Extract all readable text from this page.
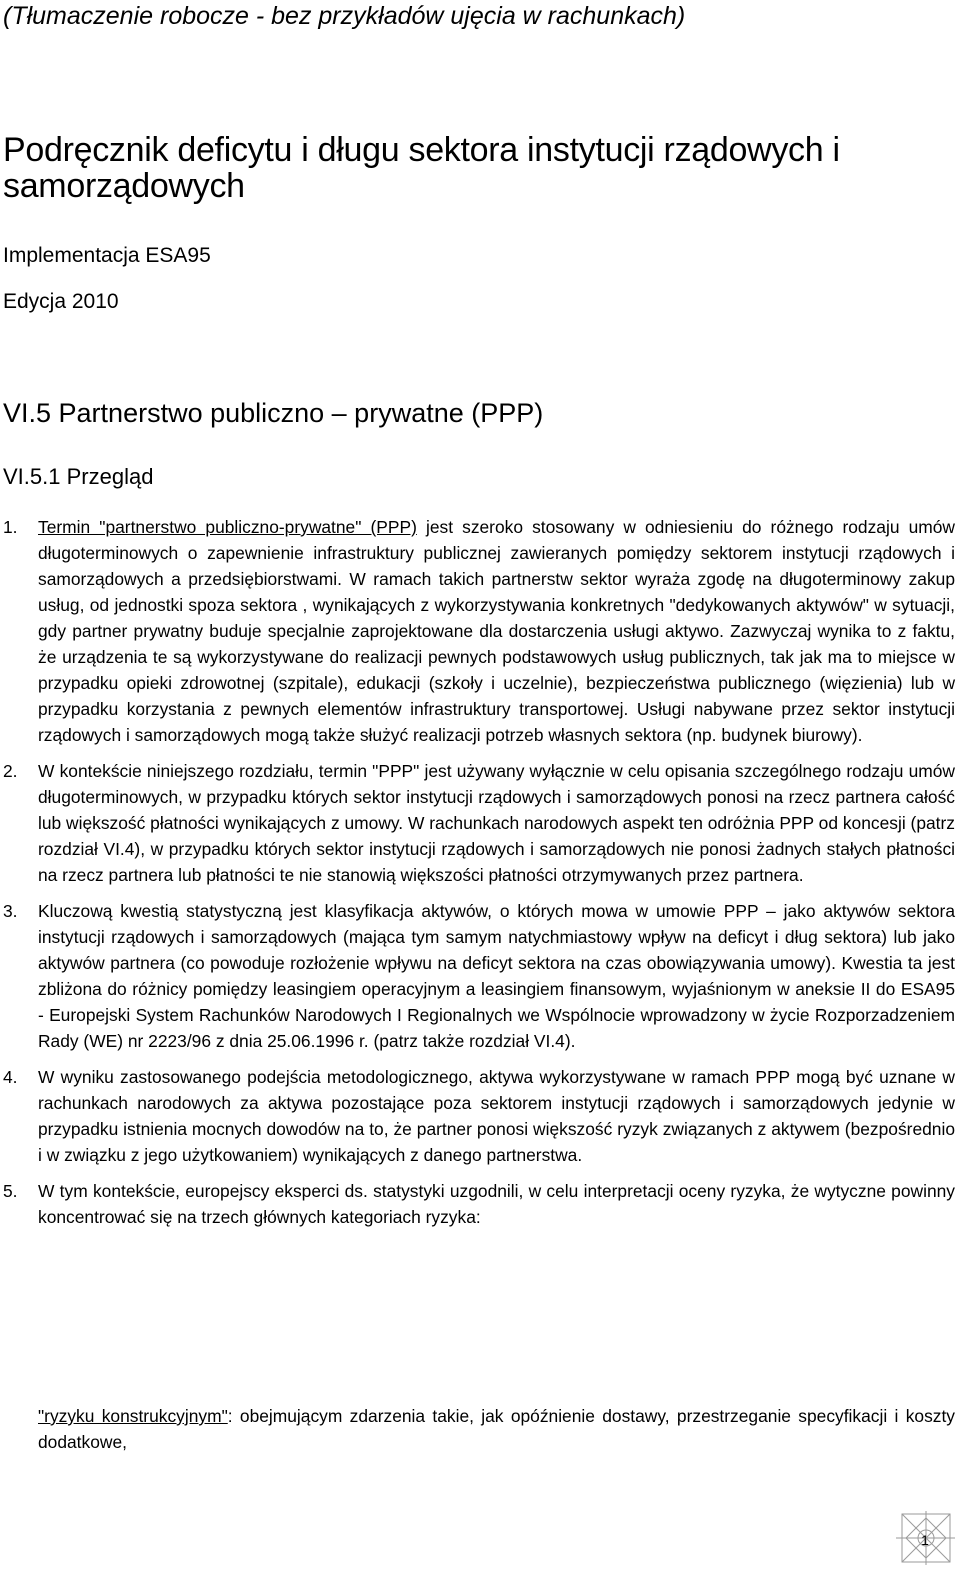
(Tłumaczenie robocze - bez przykładów ujęcia w rachunkach)
Podręcznik deficytu i długu sektora instytucji rządowych i samorządowych
Implementacja ESA95
Edycja 2010
VI.5 Partnerstwo publiczno – prywatne (PPP)
VI.5.1 Przegląd
1.	Termin "partnerstwo publiczno-prywatne" (PPP) jest szeroko stosowany w odniesieniu do różnego rodzaju umów długoterminowych o zapewnienie infrastruktury publicznej zawieranych pomiędzy sektorem instytucji rządowych i samorządowych a przedsiębiorstwami. W ramach takich partnerstw sektor wyraża zgodę na długoterminowy zakup usług, od jednostki spoza sektora , wynikających z wykorzystywania konkretnych "dedykowanych aktywów" w sytuacji, gdy partner prywatny buduje specjalnie zaprojektowane dla dostarczenia usługi aktywo. Zazwyczaj wynika to z faktu, że urządzenia te są wykorzystywane do realizacji pewnych podstawowych usług publicznych, tak jak ma to miejsce w przypadku opieki zdrowotnej (szpitale), edukacji (szkoły i uczelnie), bezpieczeństwa publicznego (więzienia) lub w przypadku korzystania z pewnych elementów infrastruktury transportowej. Usługi nabywane przez sektor instytucji rządowych i samorządowych mogą także służyć realizacji potrzeb własnych sektora (np. budynek biurowy).
2.	W kontekście niniejszego rozdziału, termin "PPP" jest używany wyłącznie w celu opisania szczególnego rodzaju umów długoterminowych, w przypadku których sektor instytucji rządowych i samorządowych ponosi na rzecz partnera całość lub większość płatności wynikających z umowy. W rachunkach narodowych aspekt ten odróżnia PPP od koncesji (patrz rozdział VI.4), w przypadku których sektor instytucji rządowych i samorządowych nie ponosi żadnych stałych płatności na rzecz partnera lub płatności te nie stanowią większości płatności otrzymywanych przez partnera.
3.	Kluczową kwestią statystyczną jest klasyfikacja aktywów, o których mowa w umowie PPP – jako aktywów sektora instytucji rządowych i samorządowych (mająca tym samym natychmiastowy wpływ na deficyt i dług sektora) lub jako aktywów partnera (co powoduje rozłożenie wpływu na deficyt sektora na czas obowiązywania umowy). Kwestia ta jest zbliżona do różnicy pomiędzy leasingiem operacyjnym a leasingiem finansowym, wyjaśnionym w aneksie II do ESA95 - Europejski System Rachunków Narodowych I Regionalnych we Wspólnocie wprowadzony w życie Rozporzadzeniem Rady (WE) nr 2223/96 z dnia 25.06.1996 r. (patrz także rozdział VI.4).
4.	W wyniku zastosowanego podejścia metodologicznego, aktywa wykorzystywane w ramach PPP mogą być uznane w rachunkach narodowych za aktywa pozostające poza sektorem instytucji rządowych i samorządowych jedynie w przypadku istnienia mocnych dowodów na to, że partner ponosi większość ryzyk związanych z aktywem (bezpośrednio i w związku z jego użytkowaniem) wynikających z danego partnerstwa.
5.	W tym kontekście, europejscy eksperci ds. statystyki uzgodnili, w celu interpretacji oceny ryzyka, że wytyczne powinny koncentrować się na trzech głównych kategoriach ryzyka:
"ryzyku konstrukcyjnym": obejmującym zdarzenia takie, jak opóźnienie dostawy, przestrzeganie specyfikacji i koszty dodatkowe,
1
